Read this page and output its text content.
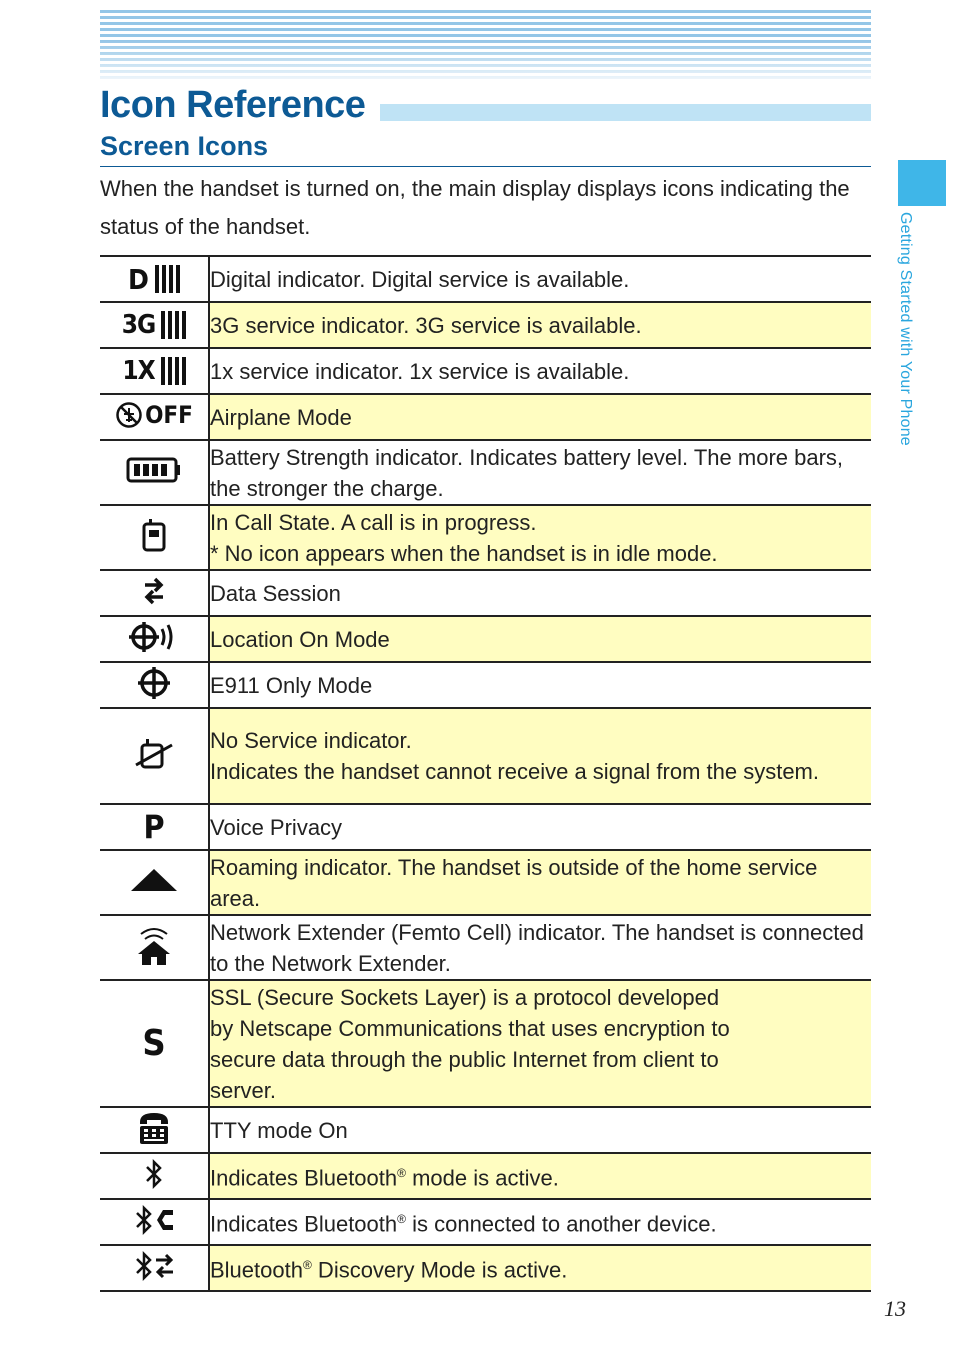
Icon Reference
Screen Icons

When the handset is turned on, the main display displays icons indicating the status of the handset.	Getting Started with Your Phone
D	Digital indicator. Digital service is available.

3G	3G service indicator. 3G service is available.

1X	1x service indicator. 1x service is available.

OFF	Airplane Mode

Battery Strength indicator. Indicates battery level. The more bars, the stronger the charge.

In Call State. A call is in progress.
* No icon appears when the handset is in idle mode.

Data Session

Location On Mode

E911 Only Mode

No Service indicator.
Indicates the handset cannot receive a signal from the system.

P	Voice Privacy

Roaming indicator. The handset is outside of the home service area.

Network Extender (Femto Cell) indicator. The handset is connected to the Network Extender.

S	SSL (Secure Sockets Layer) is a protocol developed
by Netscape Communications that uses encryption to
secure data through the public Internet from client to
server.

TTY mode On

Indicates Bluetooth® mode is active.

Indicates Bluetooth® is connected to another device.

Bluetooth® Discovery Mode is active.
13
